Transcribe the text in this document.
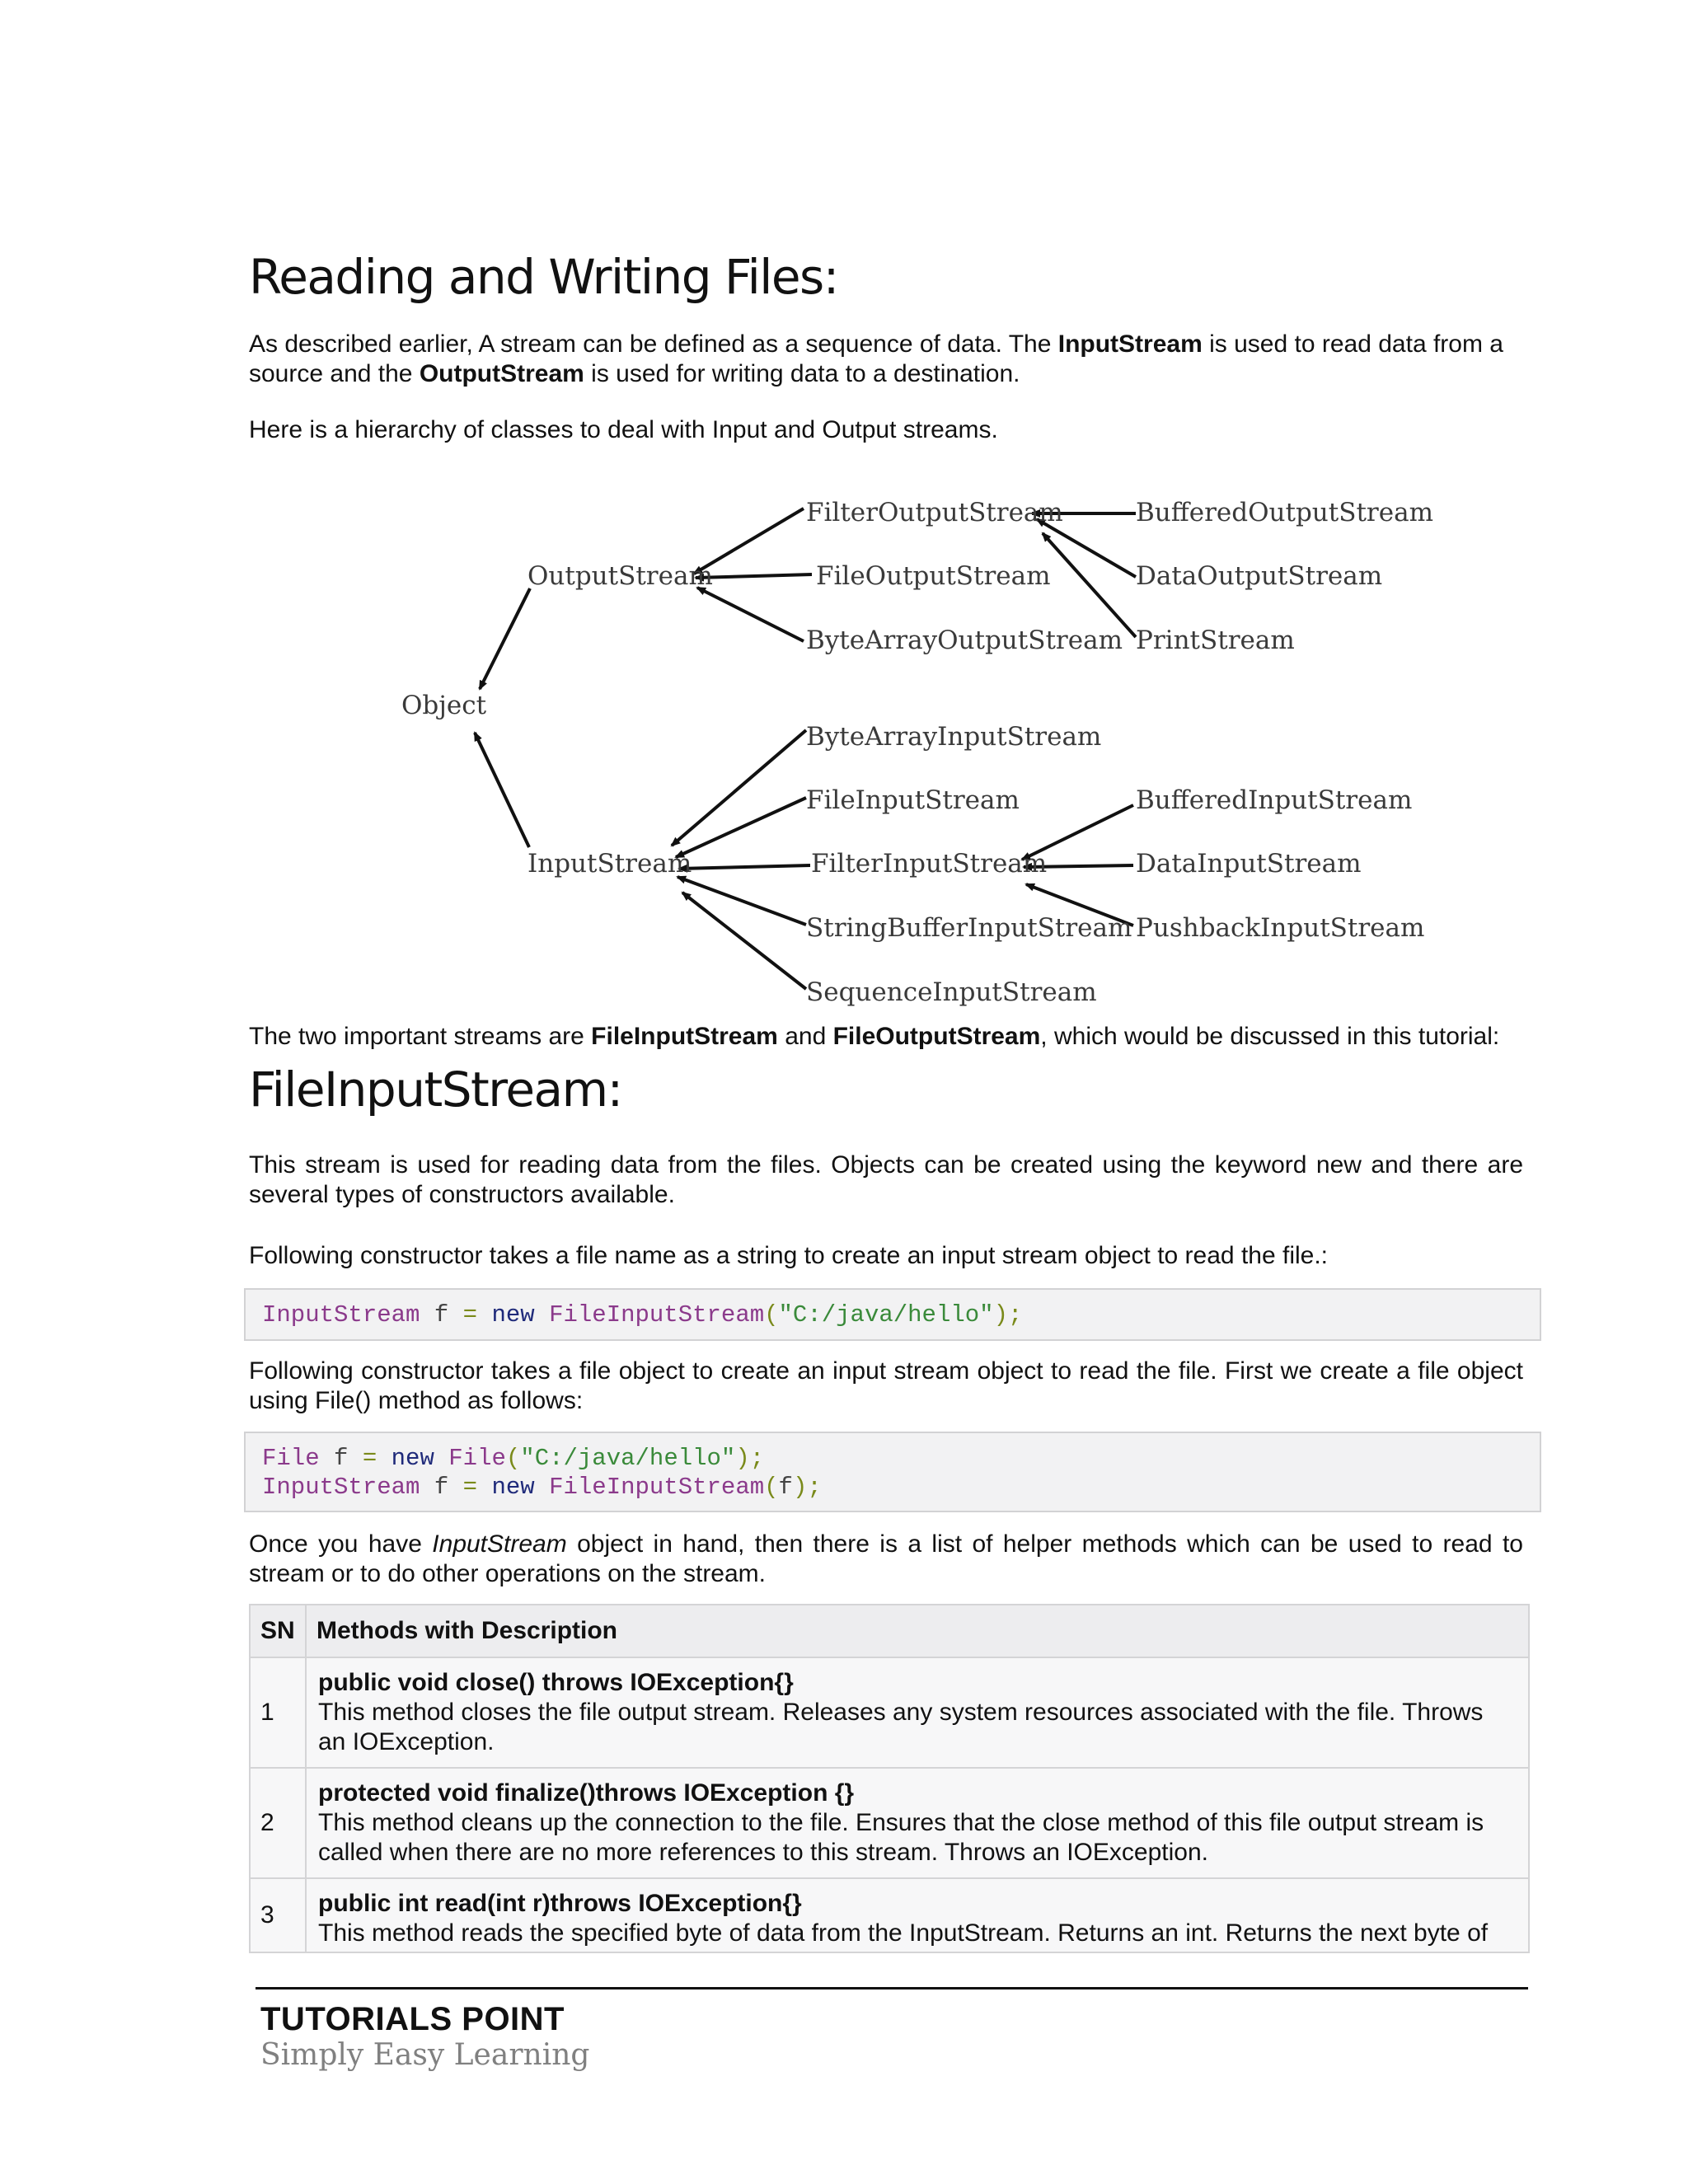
Reading and Writing Files:

As described earlier, A stream can be defined as a sequence of data. The InputStream is used to read data from a source and the OutputStream is used for writing data to a destination.

Here is a hierarchy of classes to deal with Input and Output streams.

Object
OutputStream
InputStream
FilterOutputStream
FileOutputStream
ByteArrayOutputStream
BufferedOutputStream
DataOutputStream
PrintStream
ByteArrayInputStream
FileInputStream
FilterInputStream
StringBufferInputStream
SequenceInputStream
BufferedInputStream
DataInputStream
PushbackInputStream

The two important streams are FileInputStream and FileOutputStream, which would be discussed in this tutorial:

FileInputStream:

This stream is used for reading data from the files. Objects can be created using the keyword new and there are several types of constructors available.

Following constructor takes a file name as a string to create an input stream object to read the file.:

InputStream f = new FileInputStream("C:/java/hello");

Following constructor takes a file object to create an input stream object to read the file. First we create a file object using File() method as follows:

File f = new File("C:/java/hello");
InputStream f = new FileInputStream(f);

Once you have InputStream object in hand, then there is a list of helper methods which can be used to read to stream or to do other operations on the stream.

SN	Methods with Description
1	public void close() throws IOException{}
This method closes the file output stream. Releases any system resources associated with the file. Throws an IOException.

2	protected void finalize()throws IOException {}
This method cleans up the connection to the file. Ensures that the close method of this file output stream is called when there are no more references to this stream. Throws an IOException.

3	public int read(int r)throws IOException{}
This method reads the specified byte of data from the InputStream. Returns an int. Returns the next byte of
TUTORIALS POINT
Simply Easy Learning
